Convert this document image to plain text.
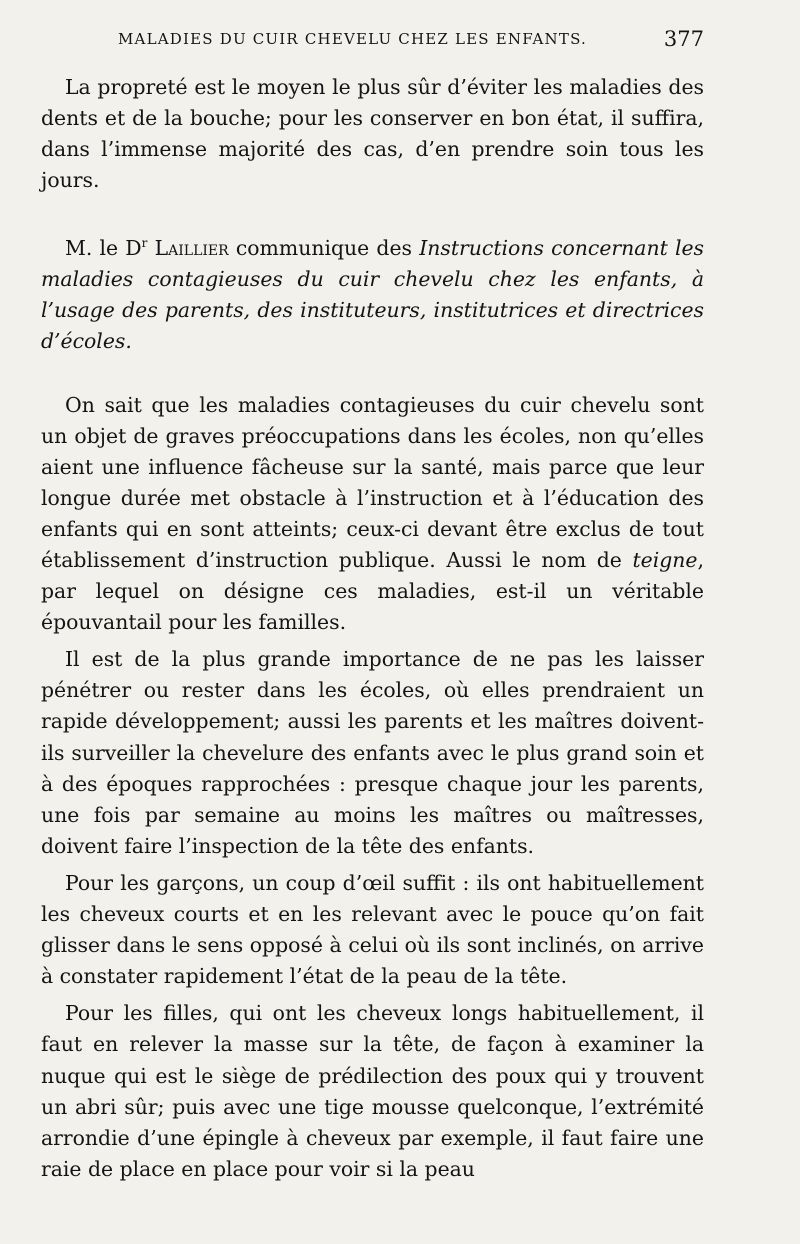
MALADIES DU CUIR CHEVELU CHEZ LES ENFANTS.	377

La propreté est le moyen le plus sûr d’éviter les maladies des dents et de la bouche; pour les conserver en bon état, il suffira, dans l’immense majorité des cas, d’en prendre soin tous les jours.

M. le $D^r$ Laillier communique des Instructions concernant les maladies contagieuses du cuir chevelu chez les enfants, à l’usage des parents, des instituteurs, institutrices et directrices d’écoles.

On sait que les maladies contagieuses du cuir chevelu sont un objet de graves préoccupations dans les écoles, non qu’elles aient une influence fâcheuse sur la santé, mais parce que leur longue durée met obstacle à l’instruction et à l’éducation des enfants qui en sont atteints; ceux-ci devant être exclus de tout établissement d’instruction publique. Aussi le nom de teigne, par lequel on désigne ces maladies, est-il un véritable épouvantail pour les familles.

Il est de la plus grande importance de ne pas les laisser pénétrer ou rester dans les écoles, où elles prendraient un rapide développement; aussi les parents et les maîtres doivent-ils surveiller la chevelure des enfants avec le plus grand soin et à des époques rapprochées : presque chaque jour les parents, une fois par semaine au moins les maîtres ou maîtresses, doivent faire l’inspection de la tête des enfants.

Pour les garçons, un coup d’œil suffit : ils ont habituellement les cheveux courts et en les relevant avec le pouce qu’on fait glisser dans le sens opposé à celui où ils sont inclinés, on arrive à constater rapidement l’état de la peau de la tête.

Pour les filles, qui ont les cheveux longs habituellement, il faut en relever la masse sur la tête, de façon à examiner la nuque qui est le siège de prédilection des poux qui y trouvent un abri sûr; puis avec une tige mousse quelconque, l’extrémité arrondie d’une épingle à cheveux par exemple, il faut faire une raie de place en place pour voir si la peau
